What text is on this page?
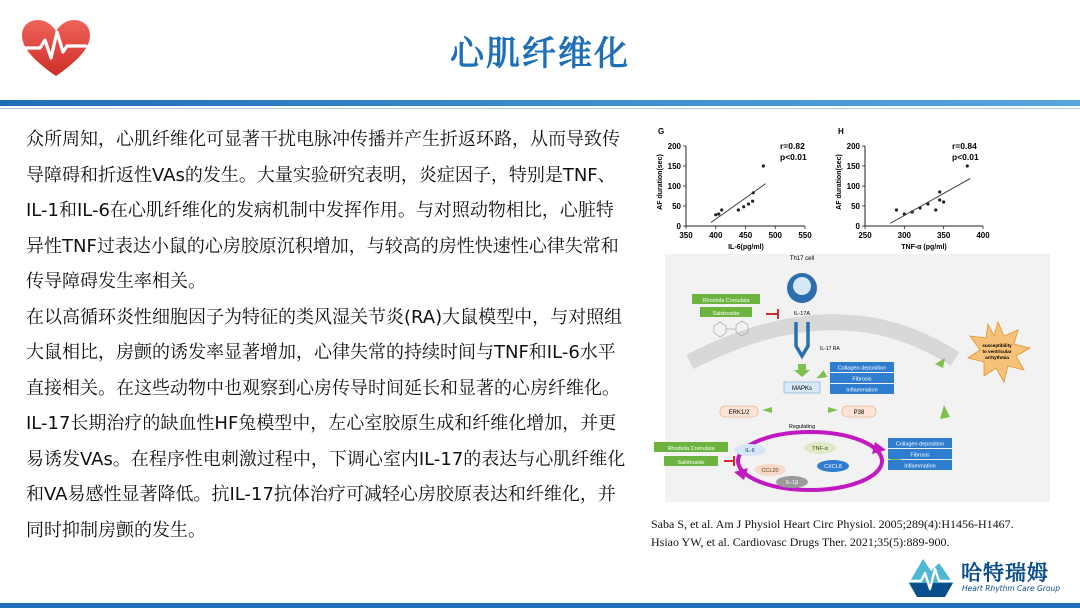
心肌纤维化

众所周知，心肌纤维化可显著干扰电脉冲传播并产生折返环路，从而导致传导障碍和折返性VAs的发生。大量实验研究表明，炎症因子，特别是TNF、IL-1和IL-6在心肌纤维化的发病机制中发挥作用。与对照动物相比，心脏特异性TNF过表达小鼠的心房胶原沉积增加，与较高的房性快速性心律失常和传导障碍发生率相关。

在以高循环炎性细胞因子为特征的类风湿关节炎(RA)大鼠模型中，与对照组大鼠相比，房颤的诱发率显著增加，心律失常的持续时间与TNF和IL-6水平直接相关。在这些动物中也观察到心房传导时间延长和显著的心房纤维化。

IL-17长期治疗的缺血性HF兔模型中，左心室胶原生成和纤维化增加，并更易诱发VAs。在程序性电刺激过程中，下调心室内IL-17的表达与心肌纤维化和VA易感性显著降低。抗IL-17抗体治疗可减轻心房胶原表达和纤维化，并同时抑制房颤的发生。

G
AF duration(sec)
0
50
100
150
200
350 400 450 500 550
r=0.82
p<0.01
IL-6(pg/ml)
H
AF duration(sec)
0
50
100
150
200
250	300	350	400
r=0.84
p<0.01
TNF-α (pg/ml)
Th17 cell
IL-17A
Rhodiola Crenulata
Salidroside
IL-17 RA
MAPKs
ERK1/2	P38
Regulating
Collagen deposition
Fibrosis
Inflammation
susceptibility
to ventricular
arrhythmia
IL-6	TNF-α
CCL20
CXCL8
IL-1β
Rhodiola Crenulata
Salidroside
Collagen deposition
Fibrosis
Inflammation
Saba S, et al. Am J Physiol Heart Circ Physiol. 2005;289(4):H1456-H1467.
Hsiao YW, et al. Cardiovasc Drugs Ther. 2021;35(5):889-900.
哈特瑞姆
Heart Rhythm Care Group
